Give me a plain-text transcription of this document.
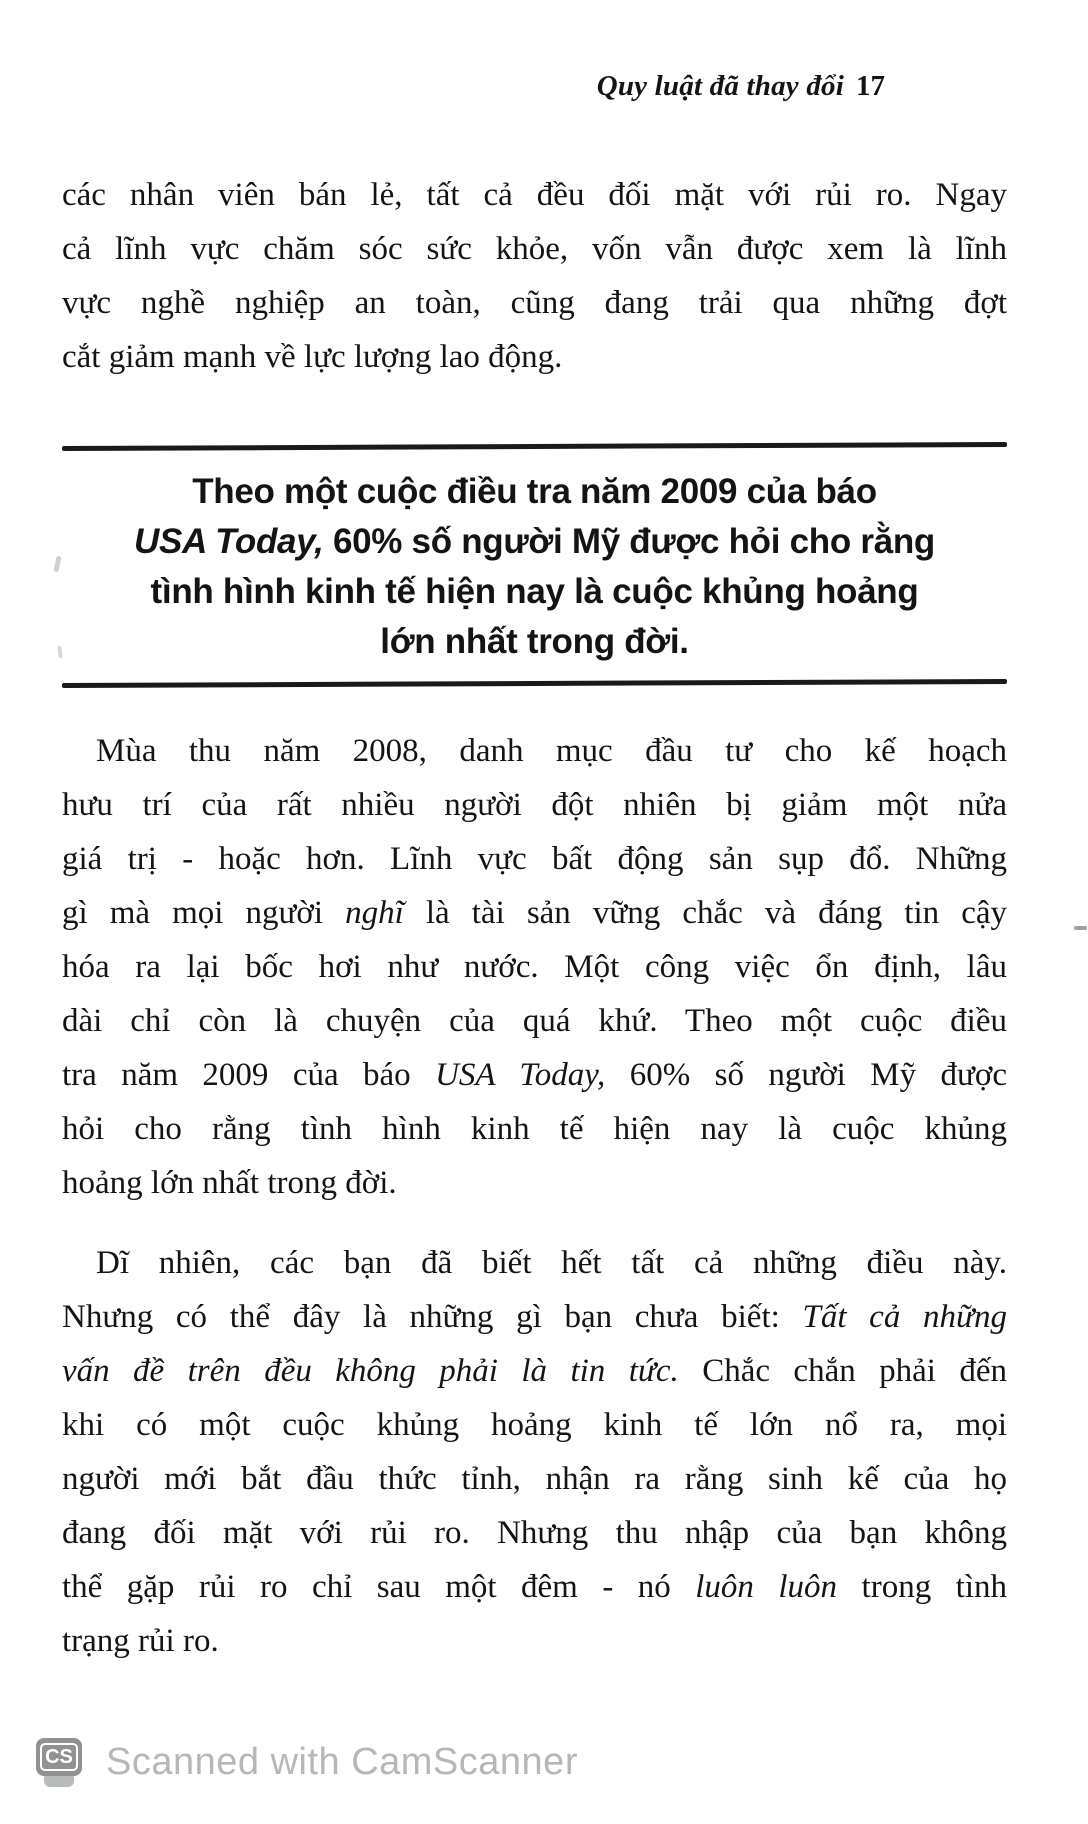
Quy luật đã thay đổi 17
các nhân viên bán lẻ, tất cả đều đối mặt với rủi ro. Ngay
cả lĩnh vực chăm sóc sức khỏe, vốn vẫn được xem là lĩnh
vực nghề nghiệp an toàn, cũng đang trải qua những đợt
cắt giảm mạnh về lực lượng lao động.
Theo một cuộc điều tra năm 2009 của báo
USA Today, 60% số người Mỹ được hỏi cho rằng
tình hình kinh tế hiện nay là cuộc khủng hoảng
lớn nhất trong đời.
Mùa thu năm 2008, danh mục đầu tư cho kế hoạch
hưu trí của rất nhiều người đột nhiên bị giảm một nửa
giá trị - hoặc hơn. Lĩnh vực bất động sản sụp đổ. Những
gì mà mọi người nghĩ là tài sản vững chắc và đáng tin cậy
hóa ra lại bốc hơi như nước. Một công việc ổn định, lâu
dài chỉ còn là chuyện của quá khứ. Theo một cuộc điều
tra năm 2009 của báo USA Today, 60% số người Mỹ được
hỏi cho rằng tình hình kinh tế hiện nay là cuộc khủng
hoảng lớn nhất trong đời.
Dĩ nhiên, các bạn đã biết hết tất cả những điều này.
Nhưng có thể đây là những gì bạn chưa biết: Tất cả những
vấn đề trên đều không phải là tin tức. Chắc chắn phải đến
khi có một cuộc khủng hoảng kinh tế lớn nổ ra, mọi
người mới bắt đầu thức tỉnh, nhận ra rằng sinh kế của họ
đang đối mặt với rủi ro. Nhưng thu nhập của bạn không
thể gặp rủi ro chỉ sau một đêm - nó luôn luôn trong tình
trạng rủi ro.
CS Scanned with CamScanner
